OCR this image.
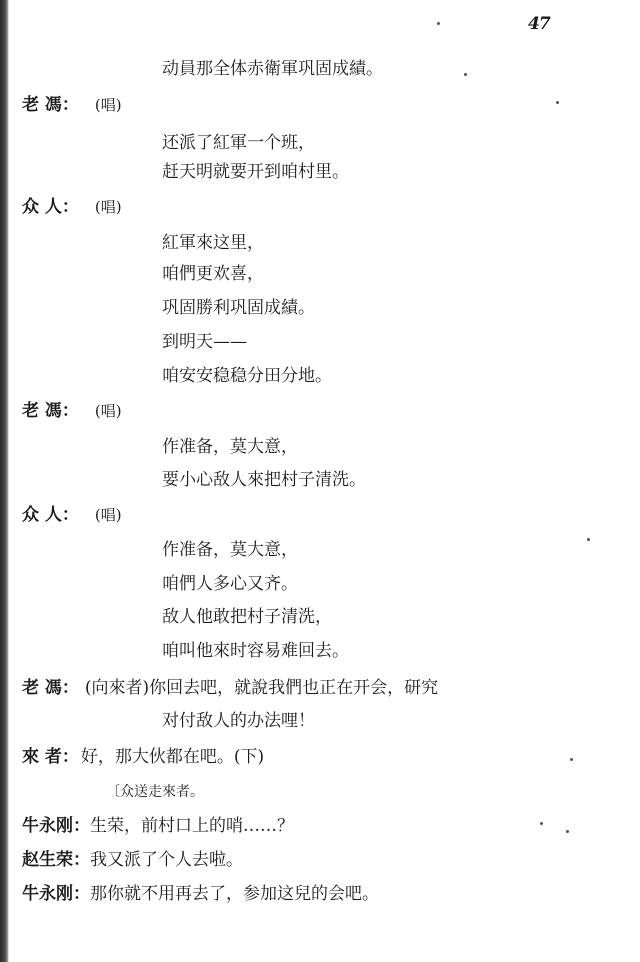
47
动員那全体赤衛軍巩固成績。
老 馮： (唱)
还派了紅軍一个班，
赶天明就要开到咱村里。
众 人： (唱)
紅軍來这里，
咱們更欢喜，
巩固勝利巩固成績。
到明天——
咱安安稳稳分田分地。
老 馮： (唱)
作准备，莫大意，
要小心敌人來把村子清洗。
众 人： (唱)
作准备，莫大意，
咱們人多心又齐。
敌人他敢把村子清洗，
咱叫他來时容易难回去。
老 馮： (向來者)你回去吧，就說我們也正在开会，研究
对付敌人的办法哩！
來 者： 好，那大伙都在吧。(下)
〔众送走來者。
牛永刚：生荣，前村口上的哨……？
赵生荣：我又派了个人去啦。
牛永刚：那你就不用再去了，参加这兒的会吧。
